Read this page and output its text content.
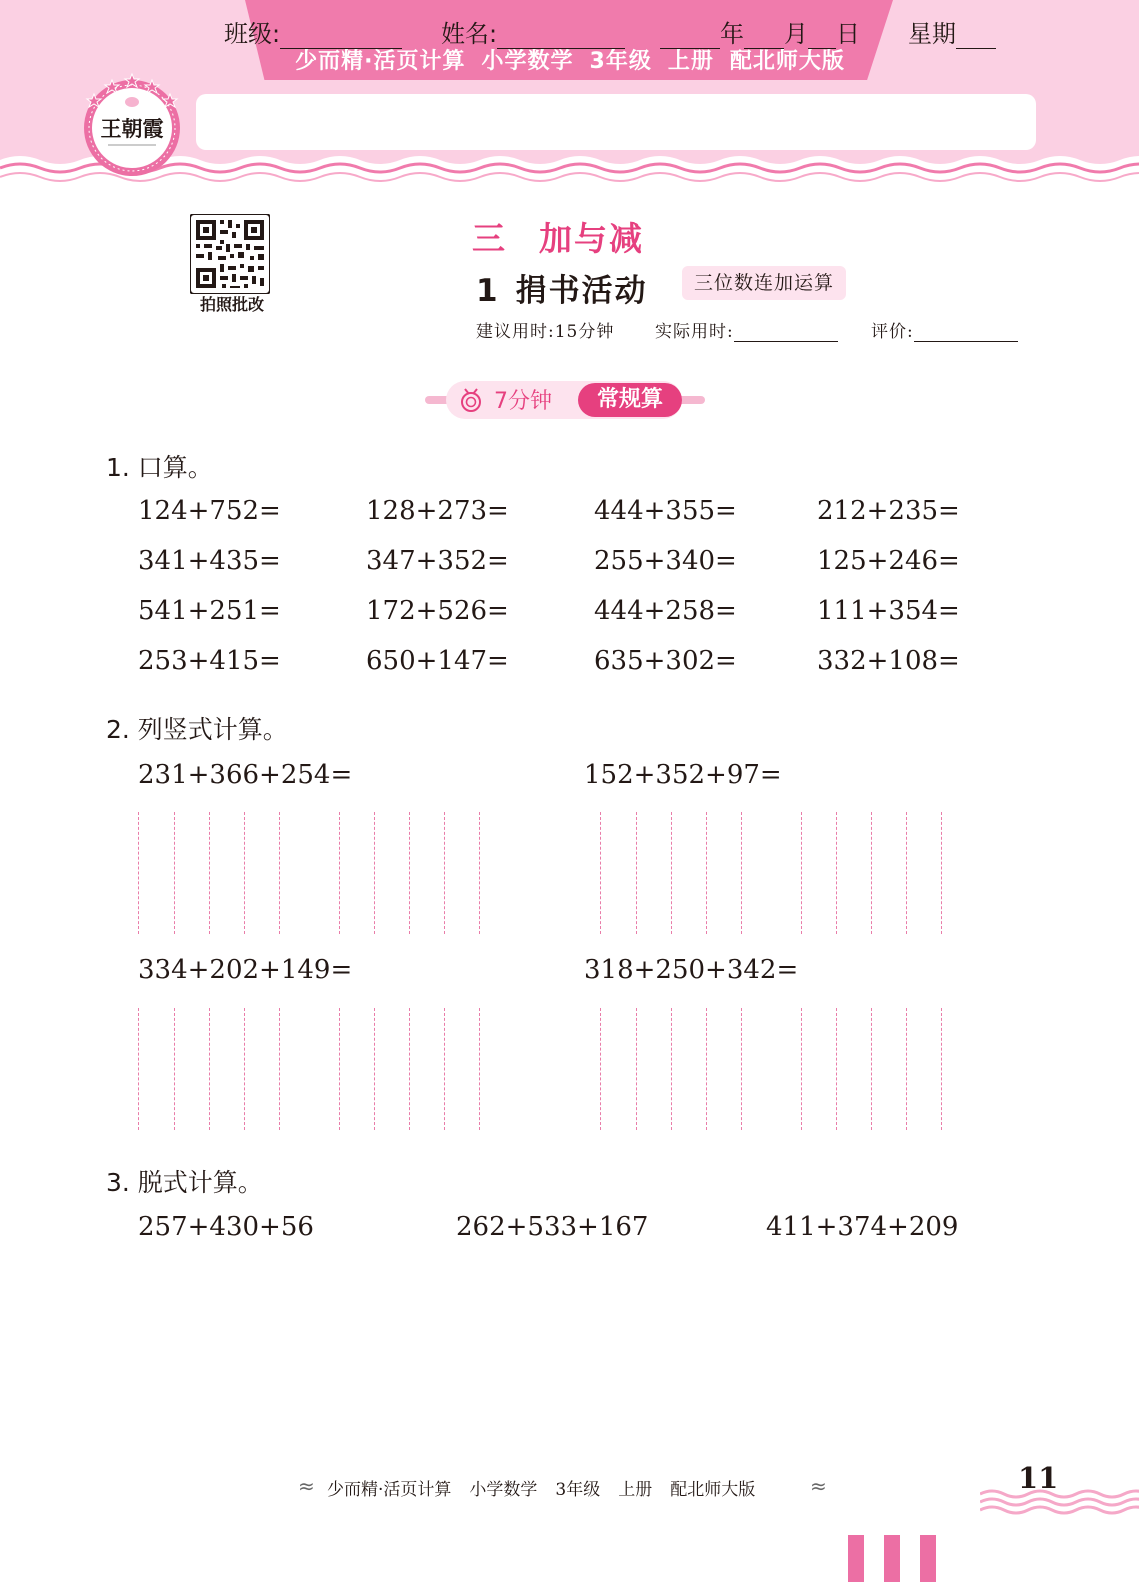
少而精·活页计算 小学数学 3年级 上册 配北师大版
班级:	姓名:	年 月 日 星期
王朝霞
拍照批改
三 加与减
1 捐书活动	三位数连加运算
建议用时:15分钟 实际用时:	评价:
7分钟	常规算
1. 口算。
124+752=	128+273=	444+355=	212+235=
341+435=	347+352=	255+340=	125+246=
541+251=	172+526=	444+258=	111+354=
253+415=	650+147=	635+302=	332+108=
2. 列竖式计算。
231+366+254=	152+352+97=
334+202+149=	318+250+342=
3. 脱式计算。
257+430+56	262+533+167	411+374+209
≈ 少而精·活页计算 小学数学 3年级 上册 配北师大版	≈	11
